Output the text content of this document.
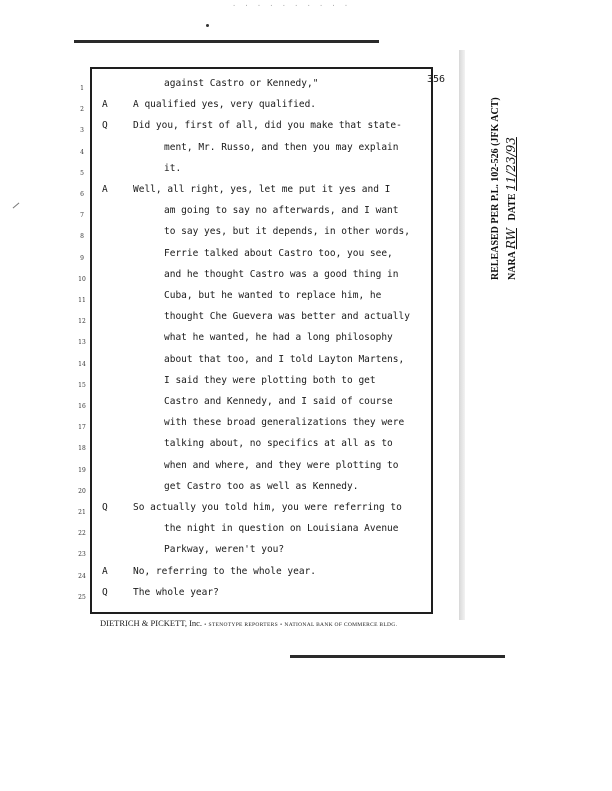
· · · · · · · · · ·
356
1	against Castro or Kennedy,"
2	A	A qualified yes, very qualified.
3	Q	Did you, first of all, did you make that state-
4	ment, Mr. Russo, and then you may explain
5	it.
6	A	Well, all right, yes, let me put it yes and I
7	am going to say no afterwards, and I want
8	to say yes, but it depends, in other words,
9	Ferrie talked about Castro too, you see,
10	and he thought Castro was a good thing in
11	Cuba, but he wanted to replace him, he
12	thought Che Guevera was better and actually
13	what he wanted, he had a long philosophy
14	about that too, and I told Layton Martens,
15	I said they were plotting both to get
16	Castro and Kennedy, and I said of course
17	with these broad generalizations they were
18	talking about, no specifics at all as to
19	when and where, and they were plotting to
20	get Castro too as well as Kennedy.
21	Q	So actually you told him, you were referring to
22	the night in question on Louisiana Avenue
23	Parkway, weren't you?
24	A	No, referring to the whole year.
25	Q	The whole year?
DIETRICH & PICKETT, Inc. • STENOTYPE REPORTERS • NATIONAL BANK OF COMMERCE BLDG.
RELEASED PER P.L. 102-526 (JFK ACT) NARA RW   DATE 11/23/93
